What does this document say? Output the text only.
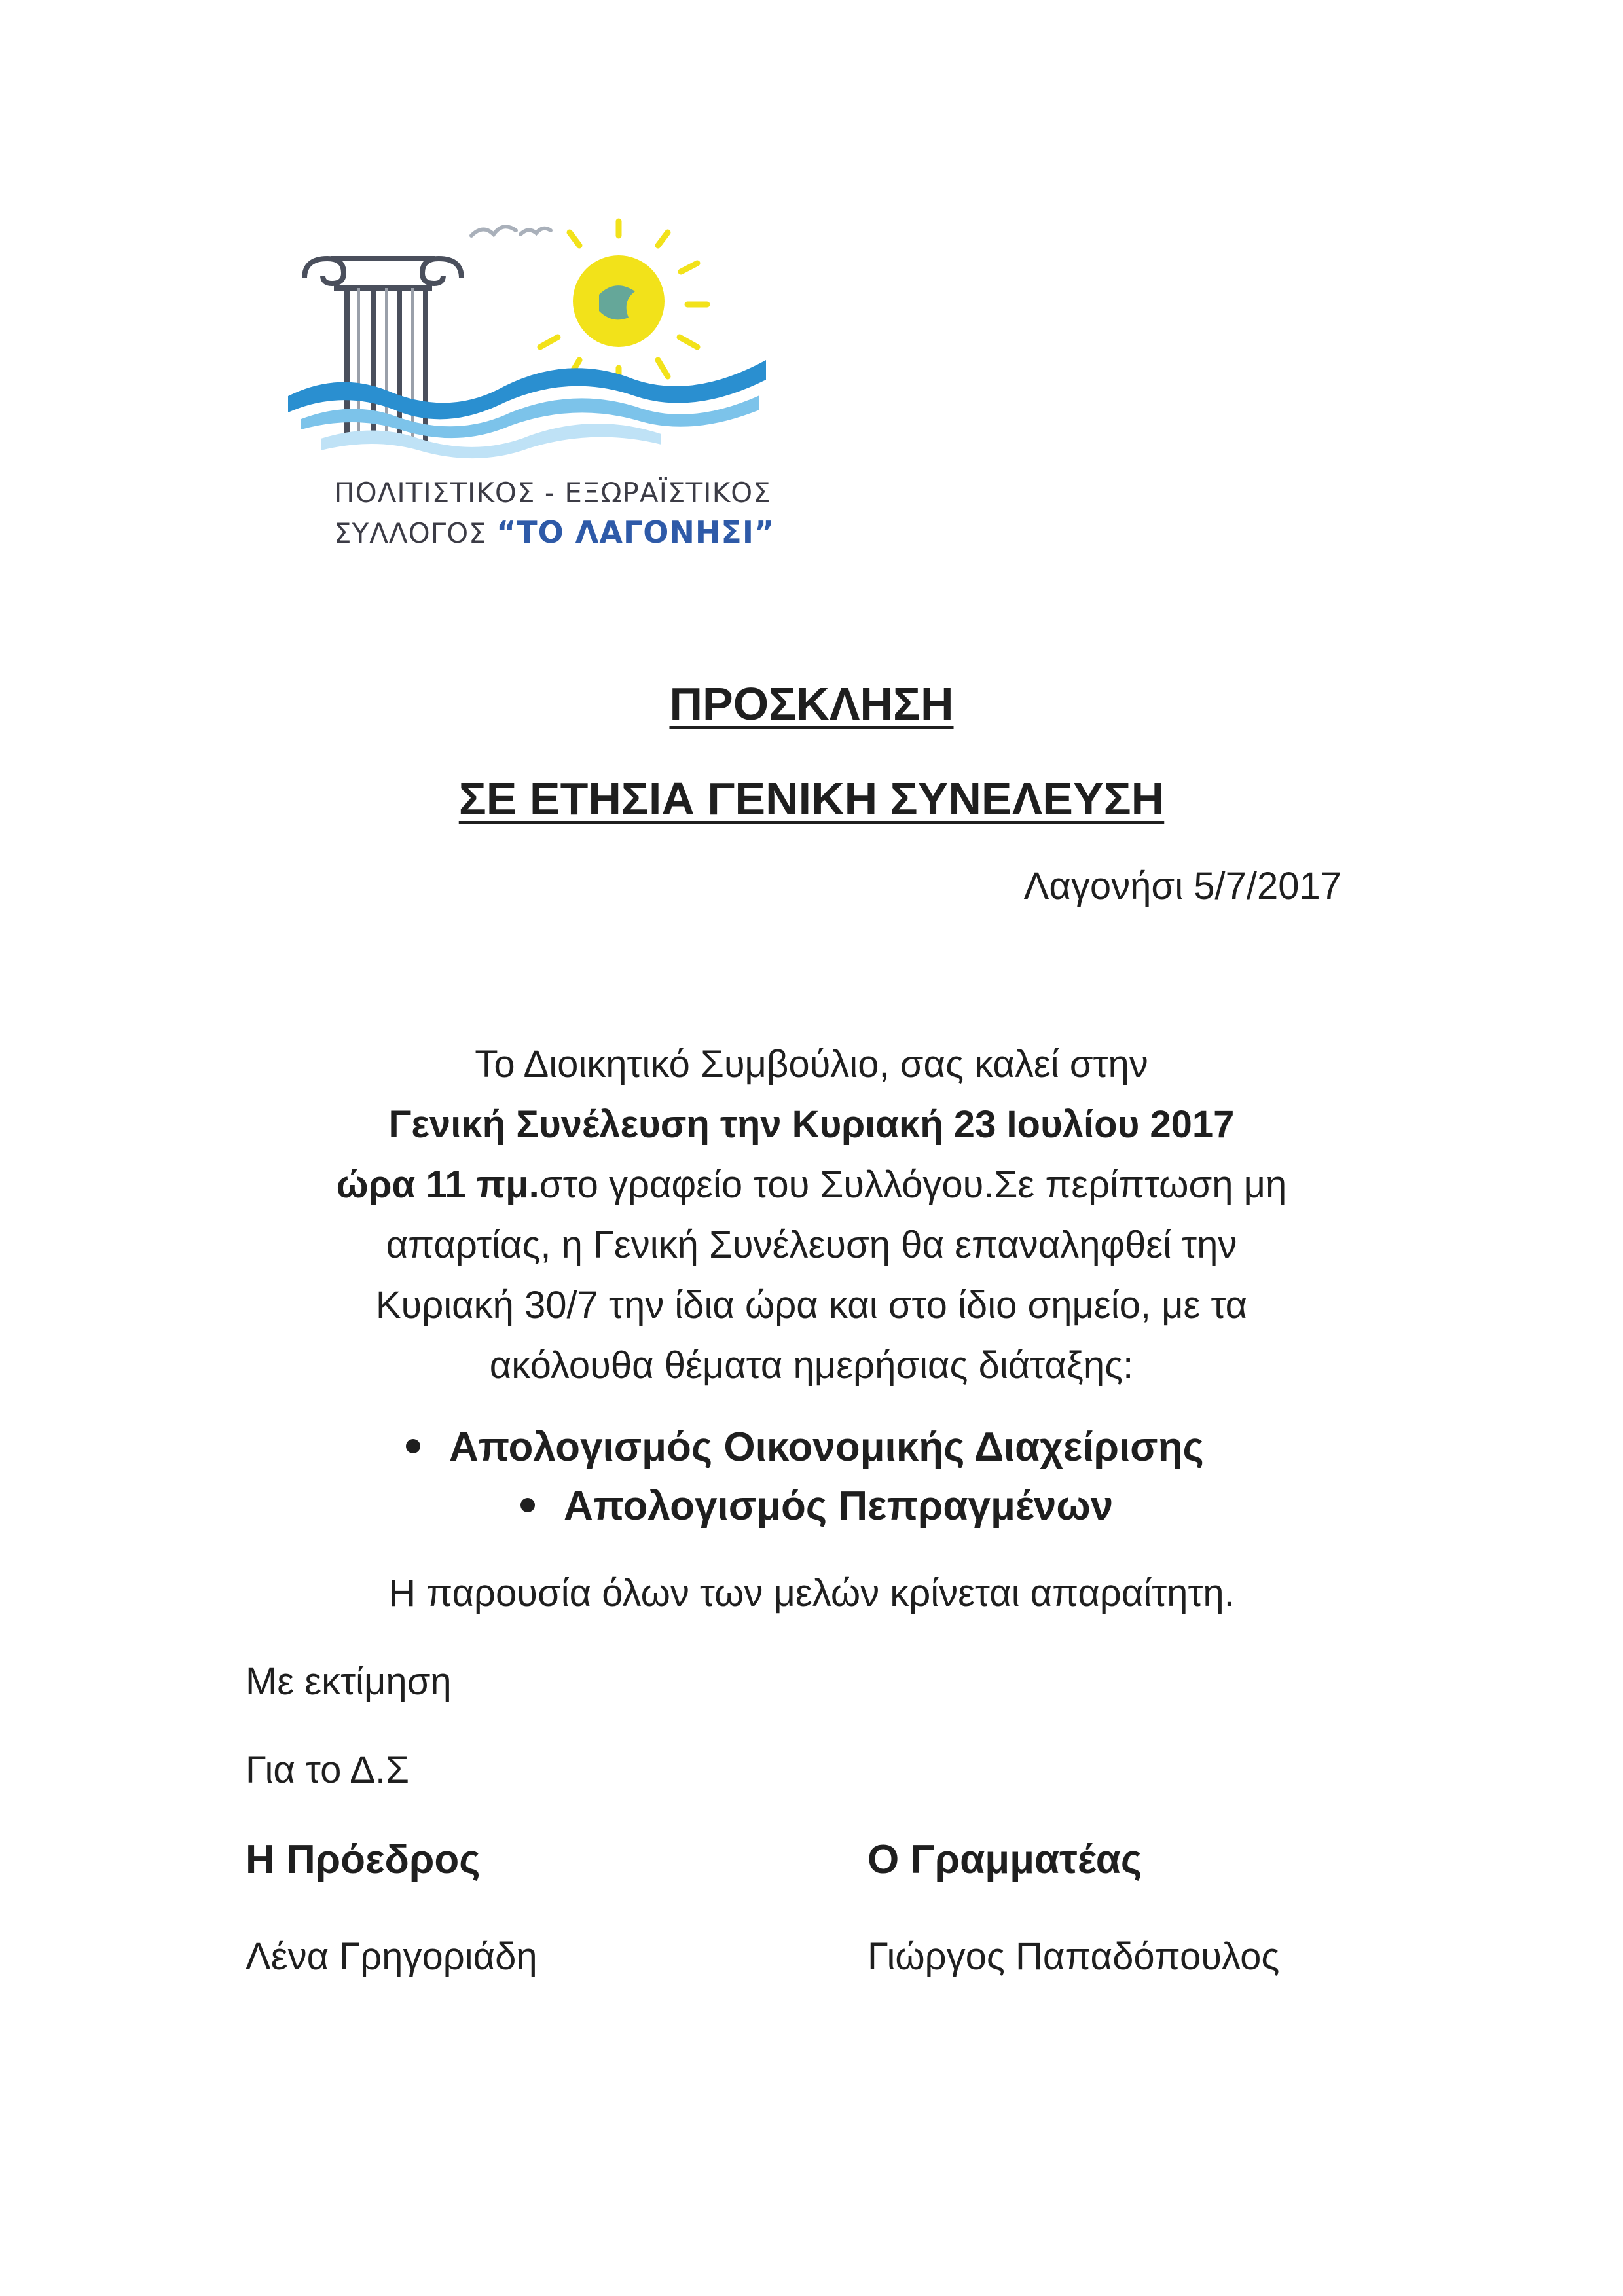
ΠΟΛΙΤΙΣΤΙΚΟΣ - ΕΞΩΡΑΪΣΤΙΚΟΣ
ΣΥΛΛΟΓΟΣ “ΤΟ ΛΑΓΟΝΗΣΙ”
ΠΡΟΣΚΛΗΣΗ
ΣΕ ΕΤΗΣΙΑ ΓΕΝΙΚΗ ΣΥΝΕΛΕΥΣΗ
Λαγονήσι 5/7/2017
Το Διοικητικό Συμβούλιο, σας καλεί στην
Γενική Συνέλευση την Κυριακή 23 Ιουλίου 2017
ώρα 11 πμ.στο γραφείο του Συλλόγου.Σε περίπτωση μη
απαρτίας, η Γενική Συνέλευση θα επαναληφθεί την
Κυριακή 30/7 την ίδια ώρα και στο ίδιο σημείο, με τα
ακόλουθα θέματα ημερήσιας διάταξης:
Απολογισμός Οικονομικής Διαχείρισης
Απολογισμός Πεπραγμένων
Η παρουσία όλων των μελών κρίνεται απαραίτητη.
Με εκτίμηση
Για το Δ.Σ
Η Πρόεδρος
Λένα Γρηγοριάδη
Ο Γραμματέας
Γιώργος Παπαδόπουλος
